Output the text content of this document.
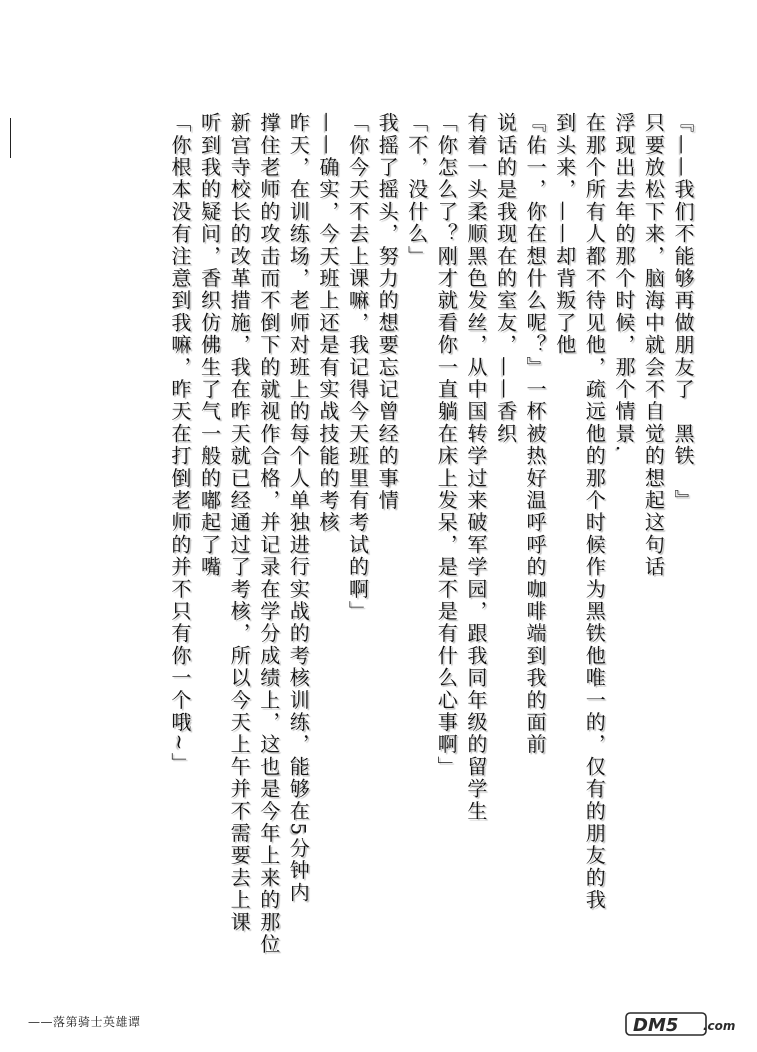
『——我们不能够再做朋友了　黑铁　』
只要放松下来，脑海中就会不自觉的想起这句话
浮现出去年的那个时候，那个情景.
在那个所有人都不待见他，疏远他的那个时候作为黑铁他唯一的，仅有的朋友的我
到头来，——却背叛了他
『佑一，你在想什么呢？』一杯被热好温呼呼的咖啡端到我的面前
说话的是我现在的室友，——香织
有着一头柔顺黑色发丝，从中国转学过来破军学园，跟我同年级的留学生
「你怎么了？刚才就看你一直躺在床上发呆，是不是有什么心事啊」
「不，没什么」
我摇了摇头，努力的想要忘记曾经的事情
「你今天不去上课嘛，我记得今天班里有考试的啊」
——确实，今天班上还是有实战技能的考核
昨天，在训练场，老师对班上的每个人单独进行实战的考核训练，能够在5分钟内
撑住老师的攻击而不倒下的就视作合格，并记录在学分成绩上，这也是今年上来的那位
新宫寺校长的改革措施，我在昨天就已经通过了考核，所以今天上午并不需要去上课
听到我的疑问，香织仿佛生了气一般的嘟起了嘴
「你根本没有注意到我嘛，昨天在打倒老师的并不只有你一个哦~」
——落第骑士英雄谭	DM5 .com
